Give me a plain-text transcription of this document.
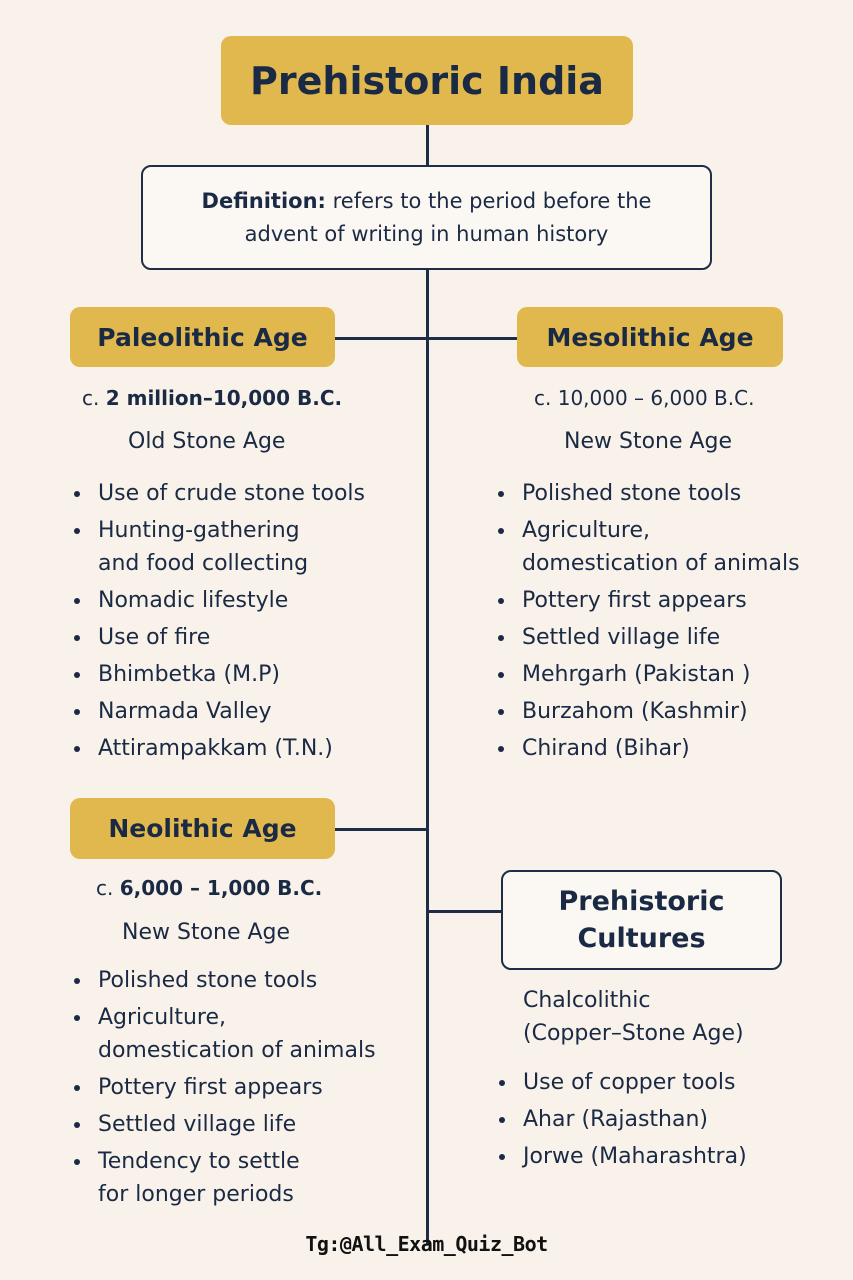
Prehistoric India
Definition: refers to the period before the
advent of writing in human history
Paleolithic Age
c. 2 million–10,000 B.C.
Old Stone Age
Use of crude stone tools
Hunting-gathering
and food collecting
Nomadic lifestyle
Use of fire
Bhimbetka (M.P)
Narmada Valley
Attirampakkam (T.N.)
Mesolithic Age
c. 10,000 – 6,000 B.C.
New Stone Age
Polished stone tools
Agriculture,
domestication of animals
Pottery first appears
Settled village life
Mehrgarh (Pakistan )
Burzahom (Kashmir)
Chirand (Bihar)
Neolithic Age
c. 6,000 – 1,000 B.C.
New Stone Age
Polished stone tools
Agriculture,
domestication of animals
Pottery first appears
Settled village life
Tendency to settle
for longer periods
Prehistoric
Cultures
Chalcolithic
(Copper–Stone Age)
Use of copper tools
Ahar (Rajasthan)
Jorwe (Maharashtra)
Tg:@All_Exam_Quiz_Bot
